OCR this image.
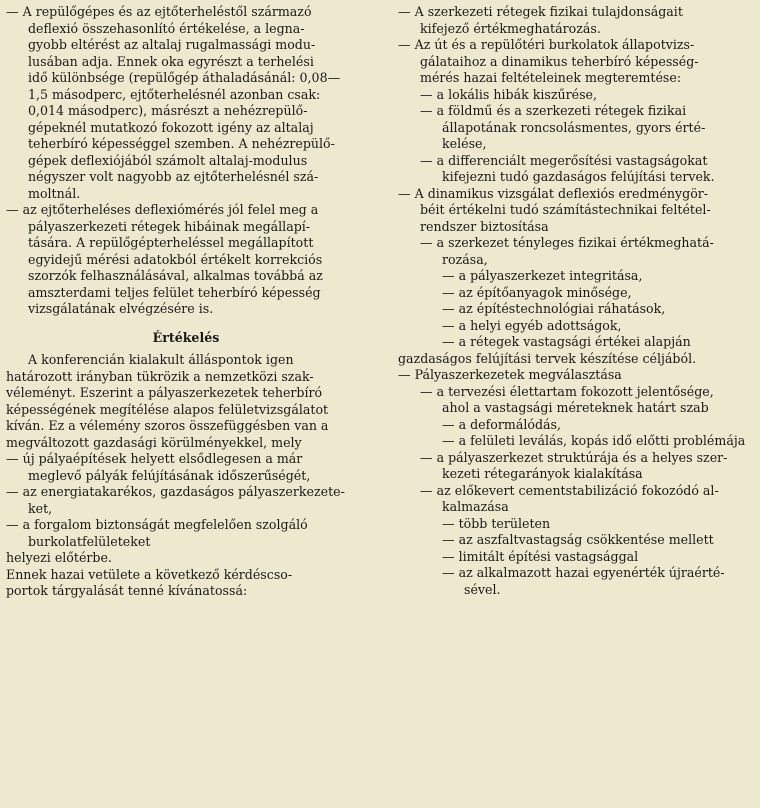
— A repülőgépes és az ejtőterheléstől származó
deflexió összehasonlító értékelése, a legna-
gyobb eltérést az altalaj rugalmassági modu-
lusában adja. Ennek oka egyrészt a terhelési
idő különbsége (repülőgép áthaladásánál: 0,08—
1,5 másodperc, ejtőterhelésnél azonban csak:
0,014 másodperc), másrészt a nehézrepülő-
gépeknél mutatkozó fokozott igény az altalaj
teherbíró képességgel szemben. A nehézrepülő-
gépek deflexiójából számolt altalaj-modulus
négyszer volt nagyobb az ejtőterhelésnél szá-
moltnál.
— az ejtőterheléses deflexiómérés jól felel meg a
pályaszerkezeti rétegek hibáinak megállapí-
tására. A repülőgépterheléssel megállapított
egyidejű mérési adatokból értékelt korrekciós
szorzók felhasználásával, alkalmas továbbá az
amszterdami teljes felület teherbíró képesség
vizsgálatának elvégzésére is.
Értékelés
A konferencián kialakult álláspontok igen
határozott irányban tükrözik a nemzetközi szak-
véleményt. Eszerint a pályaszerkezetek teherbíró
képességének megítélése alapos felületvizsgálatot
kíván. Ez a vélemény szoros összefüggésben van a
megváltozott gazdasági körülményekkel, mely
— új pályaépítések helyett elsődlegesen a már
meglevő pályák felújításának időszerűségét,
— az energiatakarékos, gazdaságos pályaszerkezete-
ket,
— a forgalom biztonságát megfelelően szolgáló
burkolatfelületeket
helyezi előtérbe.
Ennek hazai vetülete a következő kérdéscso-
portok tárgyalását tenné kívánatossá:
— A szerkezeti rétegek fizikai tulajdonságait
kifejező értékmeghatározás.
— Az út és a repülőtéri burkolatok állapotvizs-
gálataihoz a dinamikus teherbíró képesség-
mérés hazai feltételeinek megteremtése:
— a lokális hibák kiszűrése,
— a földmű és a szerkezeti rétegek fizikai
állapotának roncsolásmentes, gyors érté-
kelése,
— a differenciált megerősítési vastagságokat
kifejezni tudó gazdaságos felújítási tervek.
— A dinamikus vizsgálat deflexiós eredménygör-
béit értékelni tudó számítástechnikai feltétel-
rendszer biztosítása
— a szerkezet tényleges fizikai értékmeghatá-
rozása,
— a pályaszerkezet integritása,
— az építőanyagok minősége,
— az építéstechnológiai ráhatások,
— a helyi egyéb adottságok,
— a rétegek vastagsági értékei alapján
gazdaságos felújítási tervek készítése céljából.
— Pályaszerkezetek megválasztása
— a tervezési élettartam fokozott jelentősége,
ahol a vastagsági méreteknek határt szab
— a deformálódás,
— a felületi leválás, kopás idő előtti problémája
— a pályaszerkezet struktúrája és a helyes szer-
kezeti rétegarányok kialakítása
— az előkevert cementstabilizáció fokozódó al-
kalmazása
— több területen
— az aszfaltvastagság csökkentése mellett
— limitált építési vastagsággal
— az alkalmazott hazai egyenérték újraérté-
sével.
